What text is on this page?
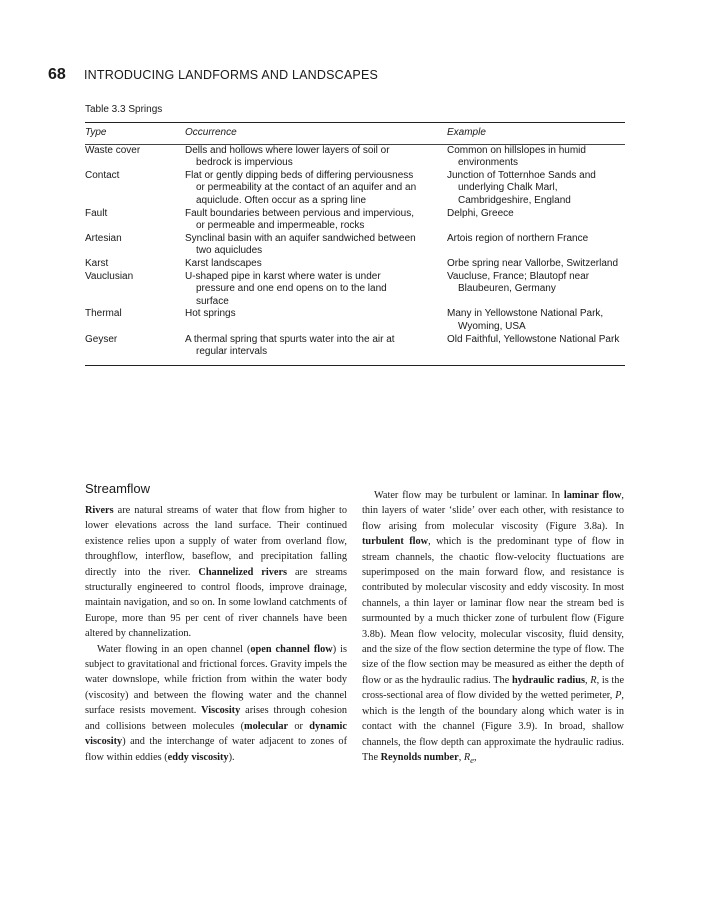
68 INTRODUCING LANDFORMS AND LANDSCAPES
Table 3.3 Springs
Type	Occurrence	Example

Waste cover	Dells and hollows where lower layers of soil or bedrock is impervious	Common on hillslopes in humid environments

Contact	Flat or gently dipping beds of differing perviousness or permeability at the contact of an aquifer and an aquiclude. Often occur as a spring line	Junction of Totternhoe Sands and underlying Chalk Marl, Cambridgeshire, England

Fault	Fault boundaries between pervious and impervious, or permeable and impermeable, rocks	Delphi, Greece

Artesian	Synclinal basin with an aquifer sandwiched between two aquicludes	Artois region of northern France

Karst	Karst landscapes	Orbe spring near Vallorbe, Switzerland

Vauclusian	U-shaped pipe in karst where water is under pressure and one end opens on to the land surface	Vaucluse, France; Blautopf near Blaubeuren, Germany

Thermal	Hot springs	Many in Yellowstone National Park, Wyoming, USA

Geyser	A thermal spring that spurts water into the air at regular intervals	Old Faithful, Yellowstone National Park
Streamflow

Rivers are natural streams of water that flow from higher to lower elevations across the land surface. Their continued existence relies upon a supply of water from overland flow, throughflow, interflow, baseflow, and precipitation falling directly into the river. Channelized rivers are streams structurally engineered to control floods, improve drainage, maintain navigation, and so on. In some lowland catchments of Europe, more than 95 per cent of river channels have been altered by channelization.

Water flowing in an open channel (open channel flow) is subject to gravitational and frictional forces. Gravity impels the water downslope, while friction from within the water body (viscosity) and between the flowing water and the channel surface resists movement. Viscosity arises through cohesion and collisions between molecules (molecular or dynamic viscosity) and the interchange of water adjacent to zones of flow within eddies (eddy viscosity).

Water flow may be turbulent or laminar. In laminar flow, thin layers of water ‘slide’ over each other, with resistance to flow arising from molecular viscosity (Figure 3.8a). In turbulent flow, which is the predominant type of flow in stream channels, the chaotic flow-velocity fluctuations are superimposed on the main forward flow, and resistance is contributed by molecular viscosity and eddy viscosity. In most channels, a thin layer or laminar flow near the stream bed is surmounted by a much thicker zone of turbulent flow (Figure 3.8b). Mean flow velocity, molecular viscosity, fluid density, and the size of the flow section determine the type of flow. The size of the flow section may be measured as either the depth of flow or as the hydraulic radius. The hydraulic radius, R, is the cross-sectional area of flow divided by the wetted perimeter, P, which is the length of the boundary along which water is in contact with the channel (Figure 3.9). In broad, shallow channels, the flow depth can approximate the hydraulic radius. The Reynolds number, $R_e$,
